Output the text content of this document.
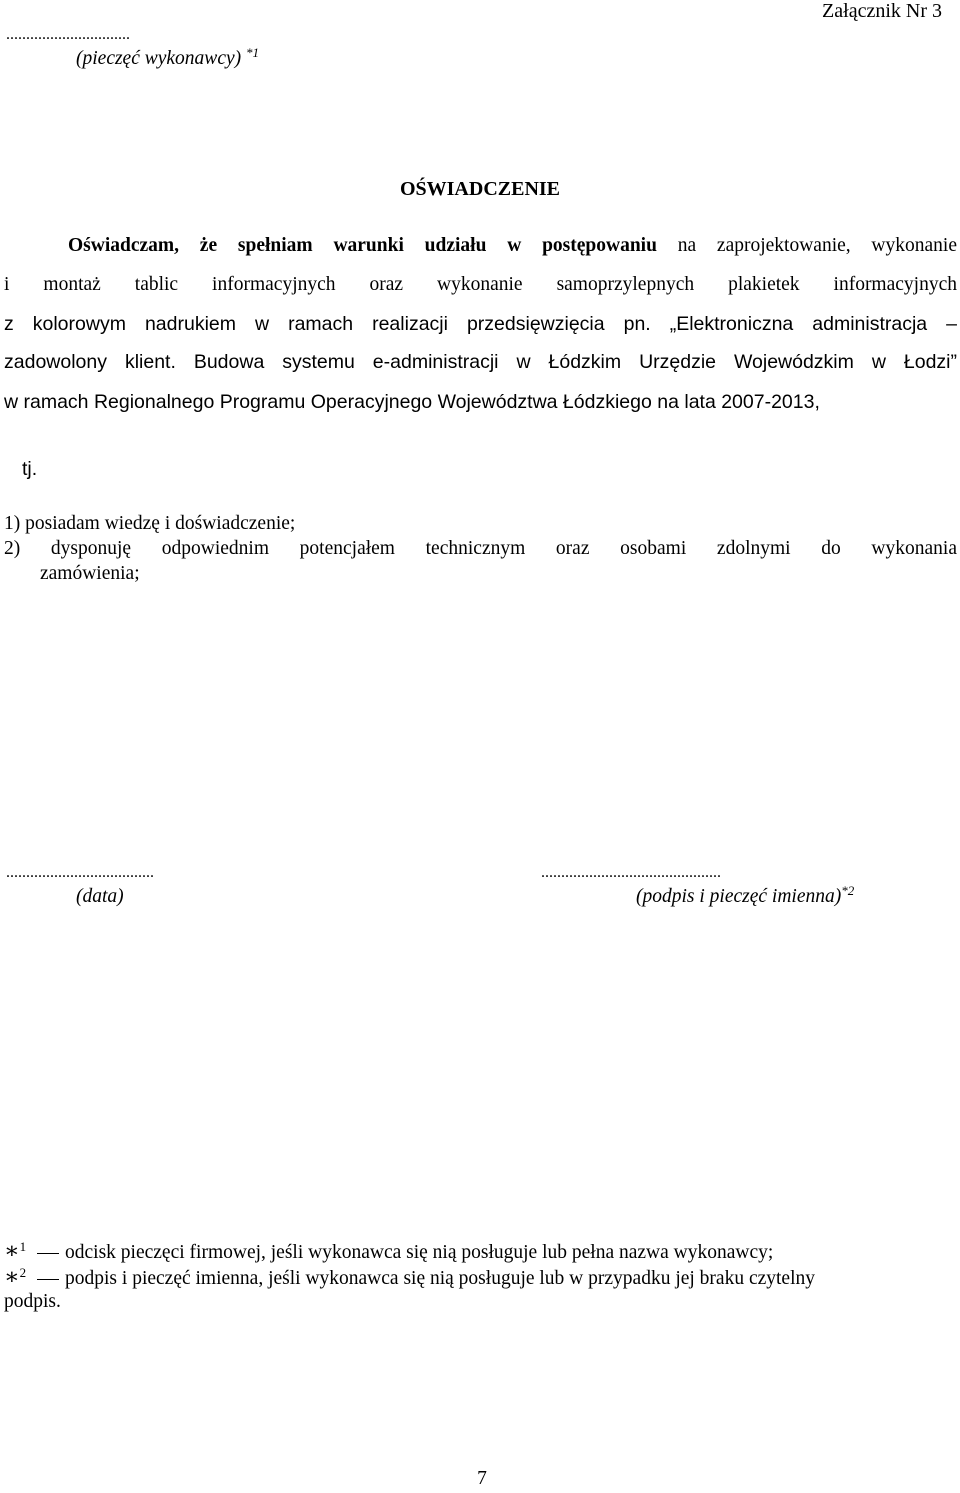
Załącznik Nr 3
...............................
(pieczęć wykonawcy) $^{*1}$
OŚWIADCZENIE
Oświadczam, że spełniam warunki udziału w postępowaniu na zaprojektowanie, wykonanie
i montaż tablic informacyjnych oraz wykonanie samoprzylepnych plakietek informacyjnych
z kolorowym nadrukiem w ramach realizacji przedsięwzięcia pn. „Elektroniczna administracja –
zadowolony klient. Budowa systemu e-administracji w Łódzkim Urzędzie Wojewódzkim w Łodzi”
w ramach Regionalnego Programu Operacyjnego Województwa Łódzkiego na lata 2007-2013,
tj.
1) posiadam wiedzę i doświadczenie;
2) dysponuję odpowiednim potencjałem technicznym oraz osobami zdolnymi do wykonania
zamówienia;
.....................................
(data)
.............................................
(podpis i pieczęć imienna)$^{*2}$
∗$^1$ odcisk pieczęci firmowej, jeśli wykonawca się nią posługuje lub pełna nazwa wykonawcy;
∗$^2$ podpis i pieczęć imienna, jeśli wykonawca się nią posługuje lub w przypadku jej braku czytelny
podpis.
7
